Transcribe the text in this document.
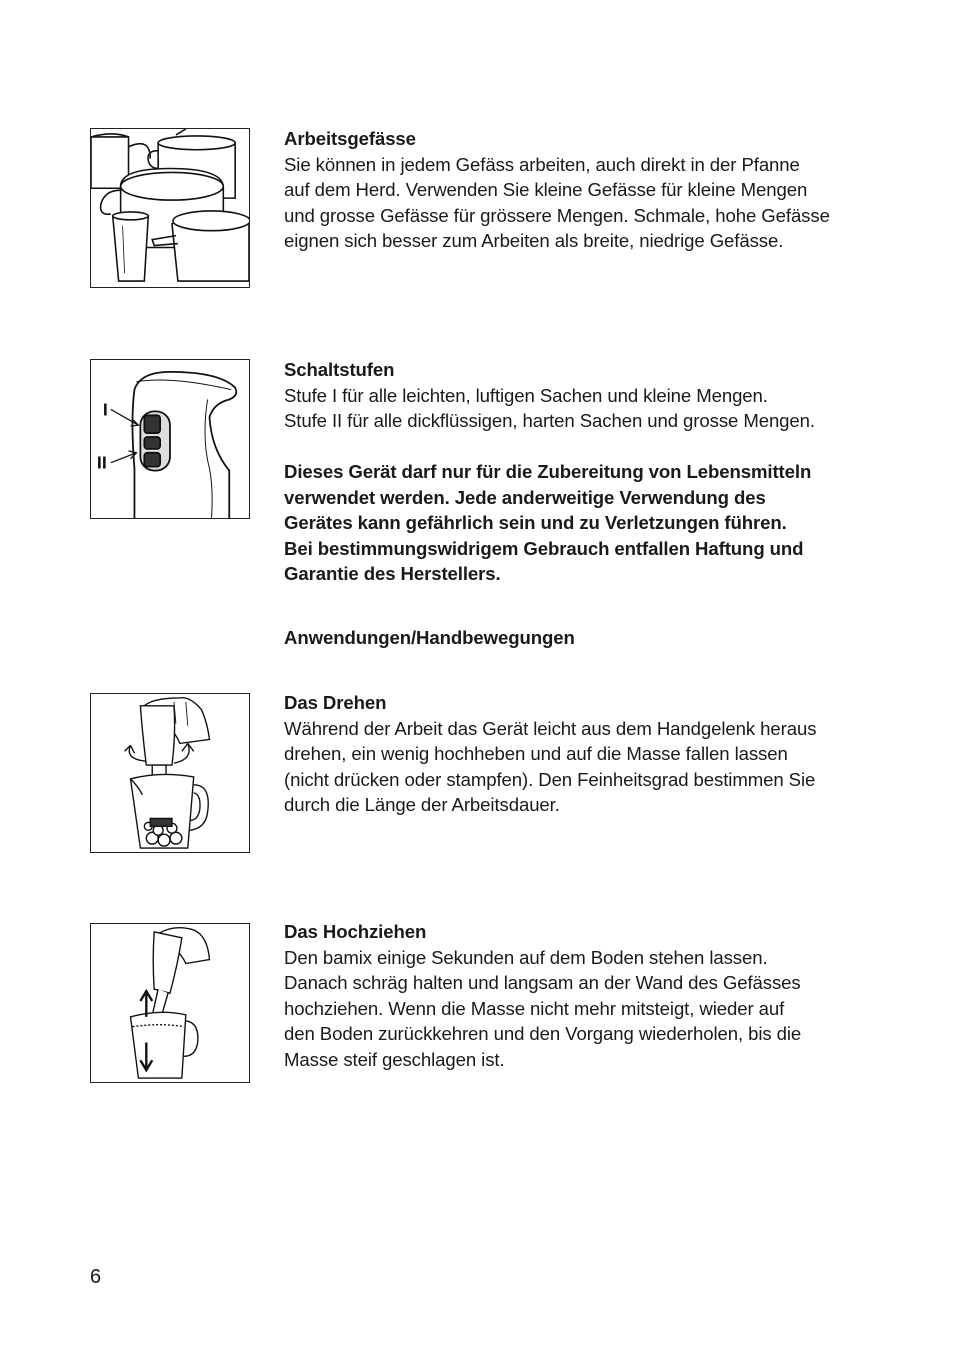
I
II
Arbeitsgefässe
Sie können in jedem Gefäss arbeiten, auch direkt in der Pfanne
auf dem Herd. Verwenden Sie kleine Gefässe für kleine Mengen
und grosse Gefässe für grössere Mengen. Schmale, hohe Gefässe
eignen sich besser zum Arbeiten als breite, niedrige Gefässe.
Schaltstufen
Stufe I für alle leichten, luftigen Sachen und kleine Mengen.
Stufe II für alle dickflüssigen, harten Sachen und grosse Mengen.
Dieses Gerät darf nur für die Zubereitung von Lebensmitteln
verwendet werden. Jede anderweitige Verwendung des
Gerätes kann gefährlich sein und zu Verletzungen führen.
Bei bestimmungswidrigem Gebrauch entfallen Haftung und
Garantie des Herstellers.
Anwendungen/Handbewegungen
Das Drehen
Während der Arbeit das Gerät leicht aus dem Handgelenk heraus
drehen, ein wenig hochheben und auf die Masse fallen lassen
(nicht drücken oder stampfen). Den Feinheitsgrad bestimmen Sie
durch die Länge der Arbeitsdauer.
Das Hochziehen
Den bamix einige Sekunden auf dem Boden stehen lassen.
Danach schräg halten und langsam an der Wand des Gefässes
hochziehen. Wenn die Masse nicht mehr mitsteigt, wieder auf
den Boden zurückkehren und den Vorgang wiederholen, bis die
Masse steif geschlagen ist.
6
